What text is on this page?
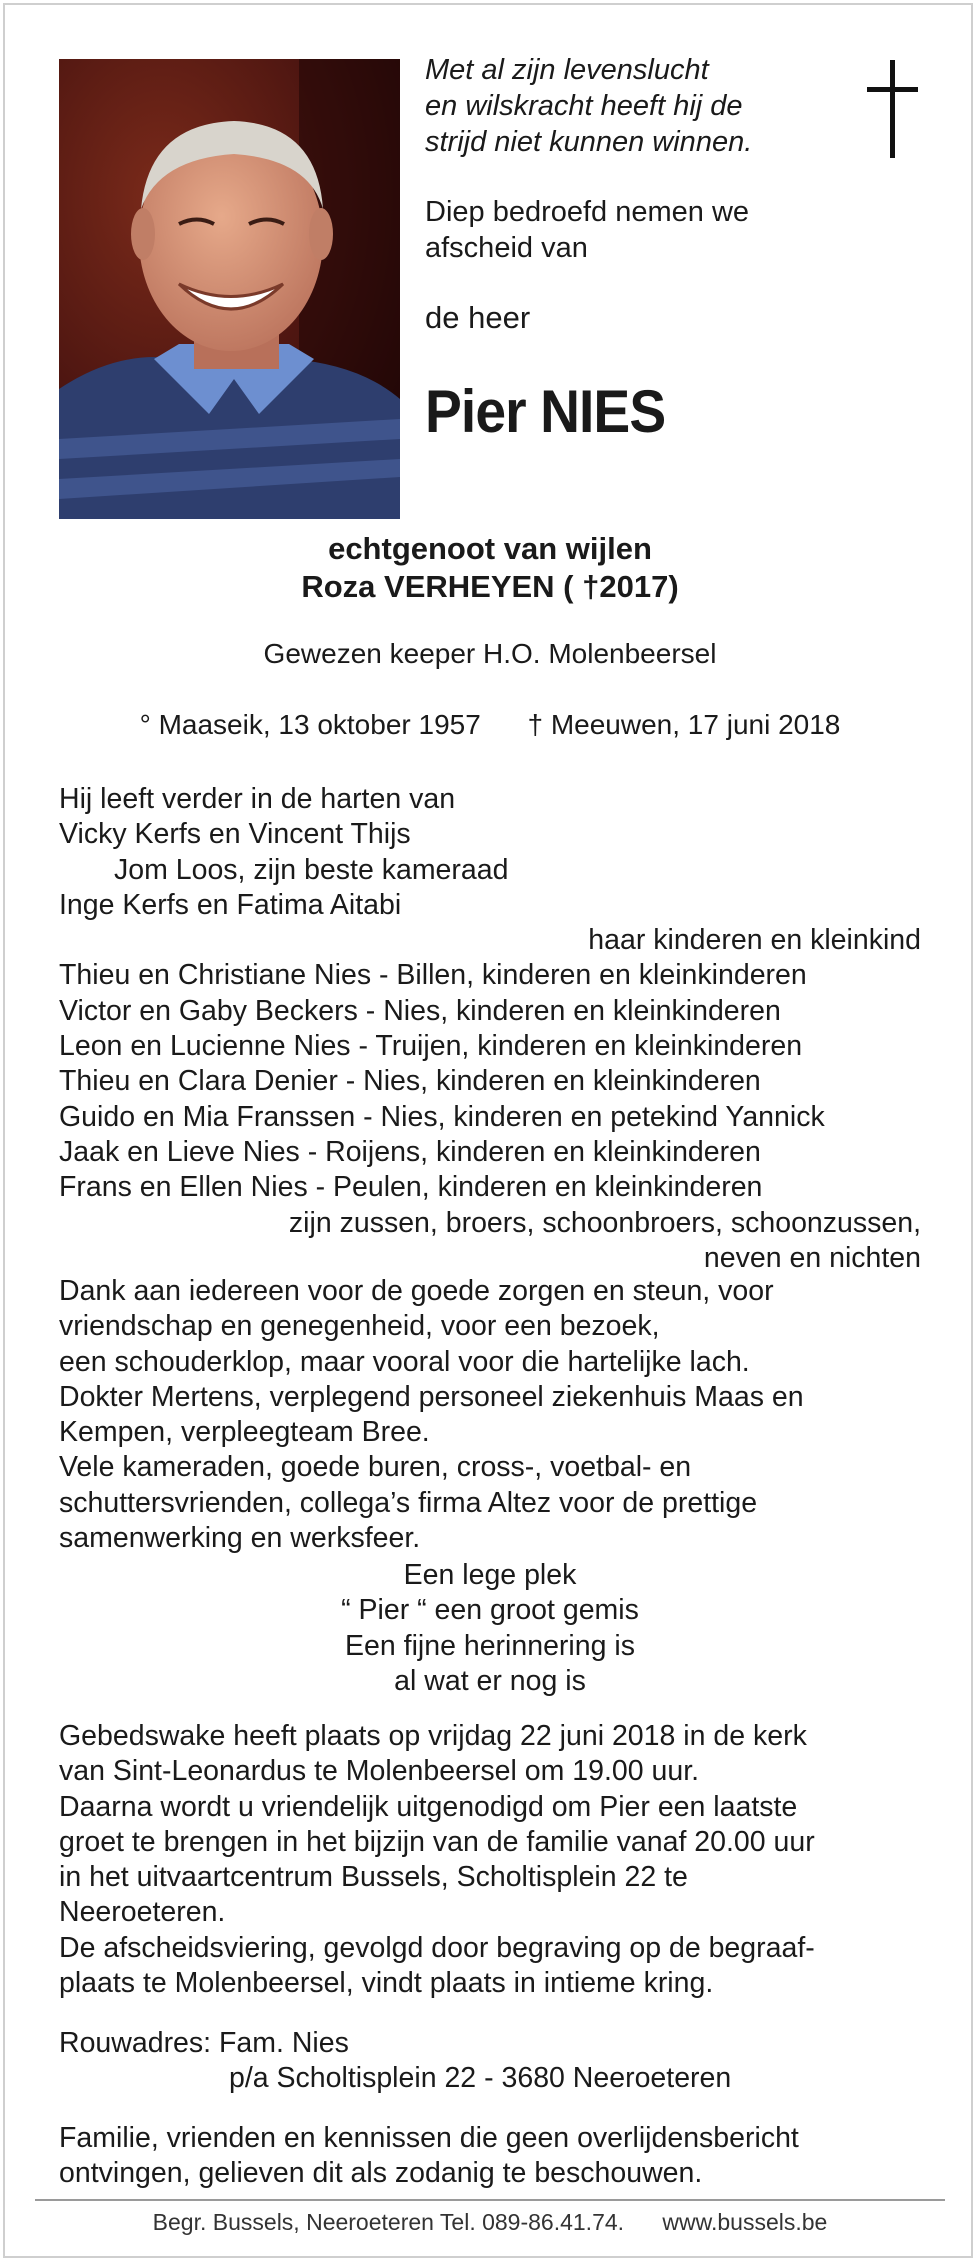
Met al zijn levenslucht
en wilskracht heeft hij de
strijd niet kunnen winnen.
Diep bedroefd nemen we
afscheid van
de heer
Pier NIES
echtgenoot van wijlen
Roza VERHEYEN ( †2017)
Gewezen keeper H.O. Molenbeersel
° Maaseik, 13 oktober 1957 † Meeuwen, 17 juni 2018
Hij leeft verder in de harten van
Vicky Kerfs en Vincent Thijs
Jom Loos, zijn beste kameraad
Inge Kerfs en Fatima Aitabi
haar kinderen en kleinkind
Thieu en Christiane Nies - Billen, kinderen en kleinkinderen
Victor en Gaby Beckers - Nies, kinderen en kleinkinderen
Leon en Lucienne Nies - Truijen, kinderen en kleinkinderen
Thieu en Clara Denier - Nies, kinderen en kleinkinderen
Guido en Mia Franssen - Nies, kinderen en petekind Yannick
Jaak en Lieve Nies - Roijens, kinderen en kleinkinderen
Frans en Ellen Nies - Peulen, kinderen en kleinkinderen
zijn zussen, broers, schoonbroers, schoonzussen,
neven en nichten
Dank aan iedereen voor de goede zorgen en steun, voor
vriendschap en genegenheid, voor een bezoek,
een schouderklop, maar vooral voor die hartelijke lach.
Dokter Mertens, verplegend personeel ziekenhuis Maas en
Kempen, verpleegteam Bree.
Vele kameraden, goede buren, cross-, voetbal- en
schuttersvrienden, collega’s firma Altez voor de prettige
samenwerking en werksfeer.
Een lege plek
“ Pier “ een groot gemis
Een fijne herinnering is
al wat er nog is
Gebedswake heeft plaats op vrijdag 22 juni 2018 in de kerk
van Sint-Leonardus te Molenbeersel om 19.00 uur.
Daarna wordt u vriendelijk uitgenodigd om Pier een laatste
groet te brengen in het bijzijn van de familie vanaf 20.00 uur
in het uitvaartcentrum Bussels, Scholtisplein 22 te
Neeroeteren.
De afscheidsviering, gevolgd door begraving op de begraaf-
plaats te Molenbeersel, vindt plaats in intieme kring.
Rouwadres: Fam. Nies
p/a Scholtisplein 22 - 3680 Neeroeteren
Familie, vrienden en kennissen die geen overlijdensbericht
ontvingen, gelieven dit als zodanig te beschouwen.
Begr. Bussels, Neeroeteren Tel. 089-86.41.74. www.bussels.be
